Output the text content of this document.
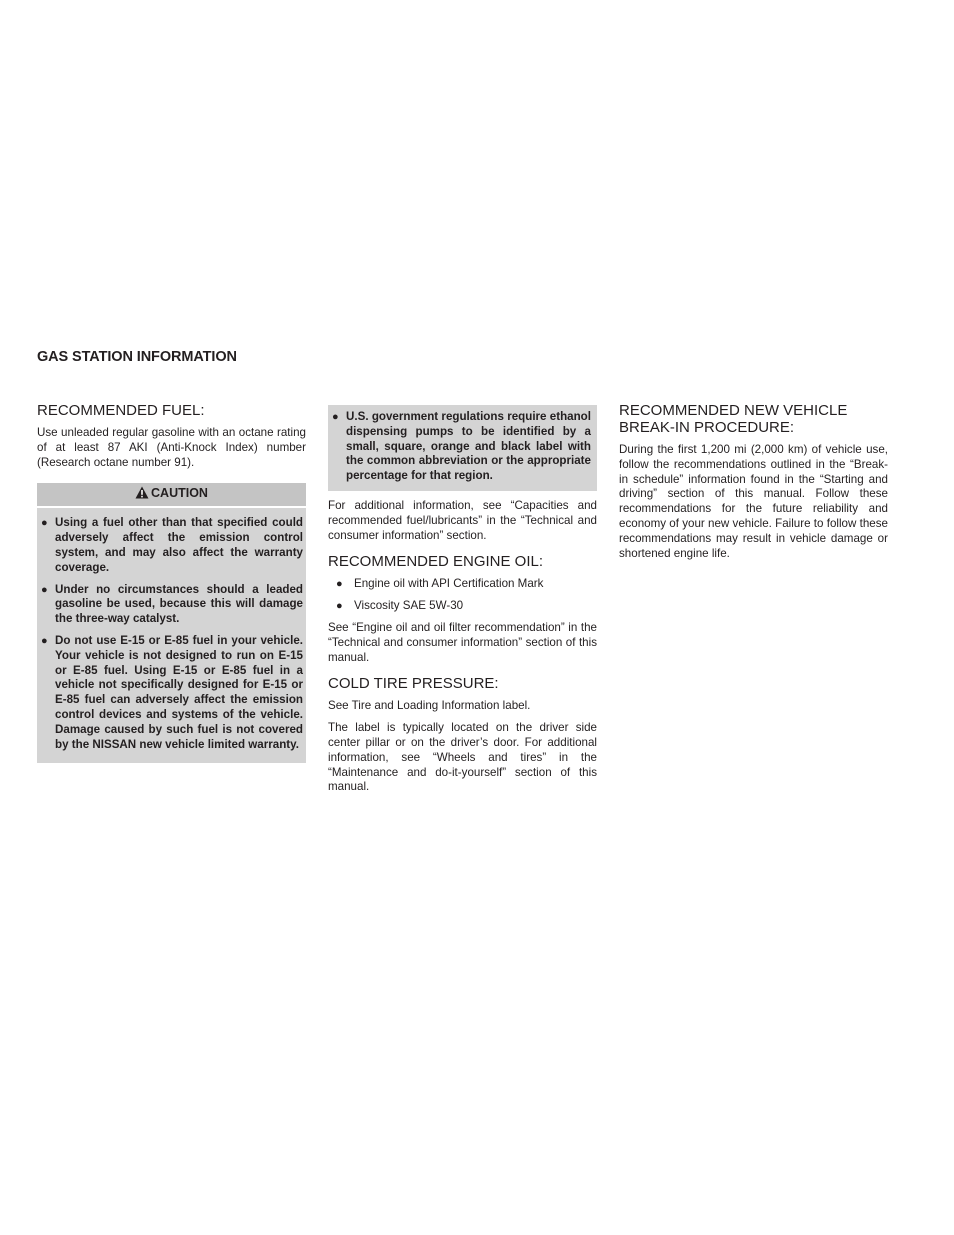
GAS STATION INFORMATION
RECOMMENDED FUEL:

Use unleaded regular gasoline with an octane rating of at least 87 AKI (Anti-Knock Index) number (Research octane number 91).

CAUTION
● Using a fuel other than that specified could adversely affect the emission control system, and may also affect the warranty coverage.
● Under no circumstances should a leaded gasoline be used, because this will damage the three-way catalyst.
● Do not use E-15 or E-85 fuel in your vehicle. Your vehicle is not designed to run on E-15 or E-85 fuel. Using E-15 or E-85 fuel in a vehicle not specifically designed for E-15 or E-85 fuel can adversely affect the emission control devices and systems of the vehicle. Damage caused by such fuel is not covered by the NISSAN new vehicle limited warranty.
● U.S. government regulations require ethanol dispensing pumps to be identified by a small, square, orange and black label with the common abbreviation or the appropriate percentage for that region.

For additional information, see “Capacities and recommended fuel/lubricants” in the “Technical and consumer information” section.

RECOMMENDED ENGINE OIL:
● Engine oil with API Certification Mark
● Viscosity SAE 5W-30

See “Engine oil and oil filter recommendation” in the “Technical and consumer information” section of this manual.

COLD TIRE PRESSURE:

See Tire and Loading Information label.

The label is typically located on the driver side center pillar or on the driver’s door. For additional information, see “Wheels and tires” in the “Maintenance and do-it-yourself” section of this manual.

RECOMMENDED NEW VEHICLE BREAK-IN PROCEDURE:

During the first 1,200 mi (2,000 km) of vehicle use, follow the recommendations outlined in the “Break-in schedule” information found in the “Starting and driving” section of this manual. Follow these recommendations for the future reliability and economy of your new vehicle. Failure to follow these recommendations may result in vehicle damage or shortened engine life.
